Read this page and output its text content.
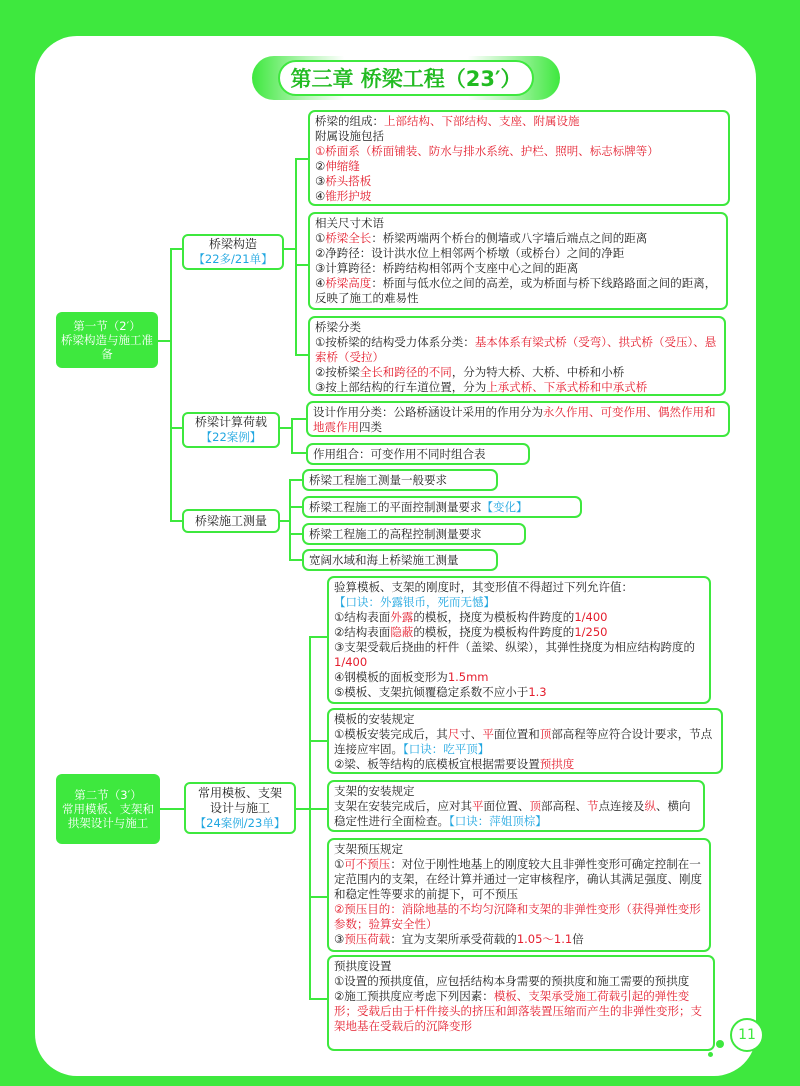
第三章 桥梁工程（23′）
第一节（2′）
桥梁构造与施工准备
第二节（3′）
常用模板、支架和拱架设计与施工
桥梁构造
【22多/21单】
桥梁计算荷载
【22案例】
桥梁施工测量
常用模板、支架
设计与施工
【24案例/23单】
桥梁的组成：上部结构、下部结构、支座、附属设施
附属设施包括
①桥面系（桥面铺装、防水与排水系统、护栏、照明、标志标牌等）
②伸缩缝
③桥头搭板
④锥形护坡
相关尺寸术语
①桥梁全长：桥梁两端两个桥台的侧墙或八字墙后端点之间的距离
②净跨径：设计洪水位上相邻两个桥墩（或桥台）之间的净距
③计算跨径：桥跨结构相邻两个支座中心之间的距离
④桥梁高度：桥面与低水位之间的高差，或为桥面与桥下线路路面之间的距离，反映了施工的难易性
桥梁分类
①按桥梁的结构受力体系分类：基本体系有梁式桥（受弯）、拱式桥（受压）、悬索桥（受拉）
②按桥梁全长和跨径的不同，分为特大桥、大桥、中桥和小桥
③按上部结构的行车道位置，分为上承式桥、下承式桥和中承式桥
设计作用分类：公路桥涵设计采用的作用分为永久作用、可变作用、偶然作用和地震作用四类
作用组合：可变作用不同时组合表
桥梁工程施工测量一般要求
桥梁工程施工的平面控制测量要求【变化】
桥梁工程施工的高程控制测量要求
宽阔水域和海上桥梁施工测量
验算模板、支架的刚度时，其变形值不得超过下列允许值：
【口诀：外露银币，死而无憾】
①结构表面外露的模板，挠度为模板构件跨度的1/400
②结构表面隐蔽的模板，挠度为模板构件跨度的1/250
③支架受载后挠曲的杆件（盖梁、纵梁），其弹性挠度为相应结构跨度的1/400
④钢模板的面板变形为1.5mm
⑤模板、支架抗倾覆稳定系数不应小于1.3
模板的安装规定
①模板安装完成后，其尺寸、平面位置和顶部高程等应符合设计要求，节点连接应牢固。【口诀：吃平顶】
②梁、板等结构的底模板宜根据需要设置预拱度
支架的安装规定
支架在安装完成后，应对其平面位置、顶部高程、节点连接及纵、横向稳定性进行全面检查。【口诀：萍姐顶棕】
支架预压规定
①可不预压：对位于刚性地基上的刚度较大且非弹性变形可确定控制在一定范围内的支架，在经计算并通过一定审核程序，确认其满足强度、刚度和稳定性等要求的前提下，可不预压
②预压目的：消除地基的不均匀沉降和支架的非弹性变形（获得弹性变形参数；验算安全性）
③预压荷载：宜为支架所承受荷载的1.05～1.1倍
预拱度设置
①设置的预拱度值，应包括结构本身需要的预拱度和施工需要的预拱度
②施工预拱度应考虑下列因素：模板、支架承受施工荷载引起的弹性变形；受载后由于杆件接头的挤压和卸落装置压缩而产生的非弹性变形；支架地基在受载后的沉降变形
11
